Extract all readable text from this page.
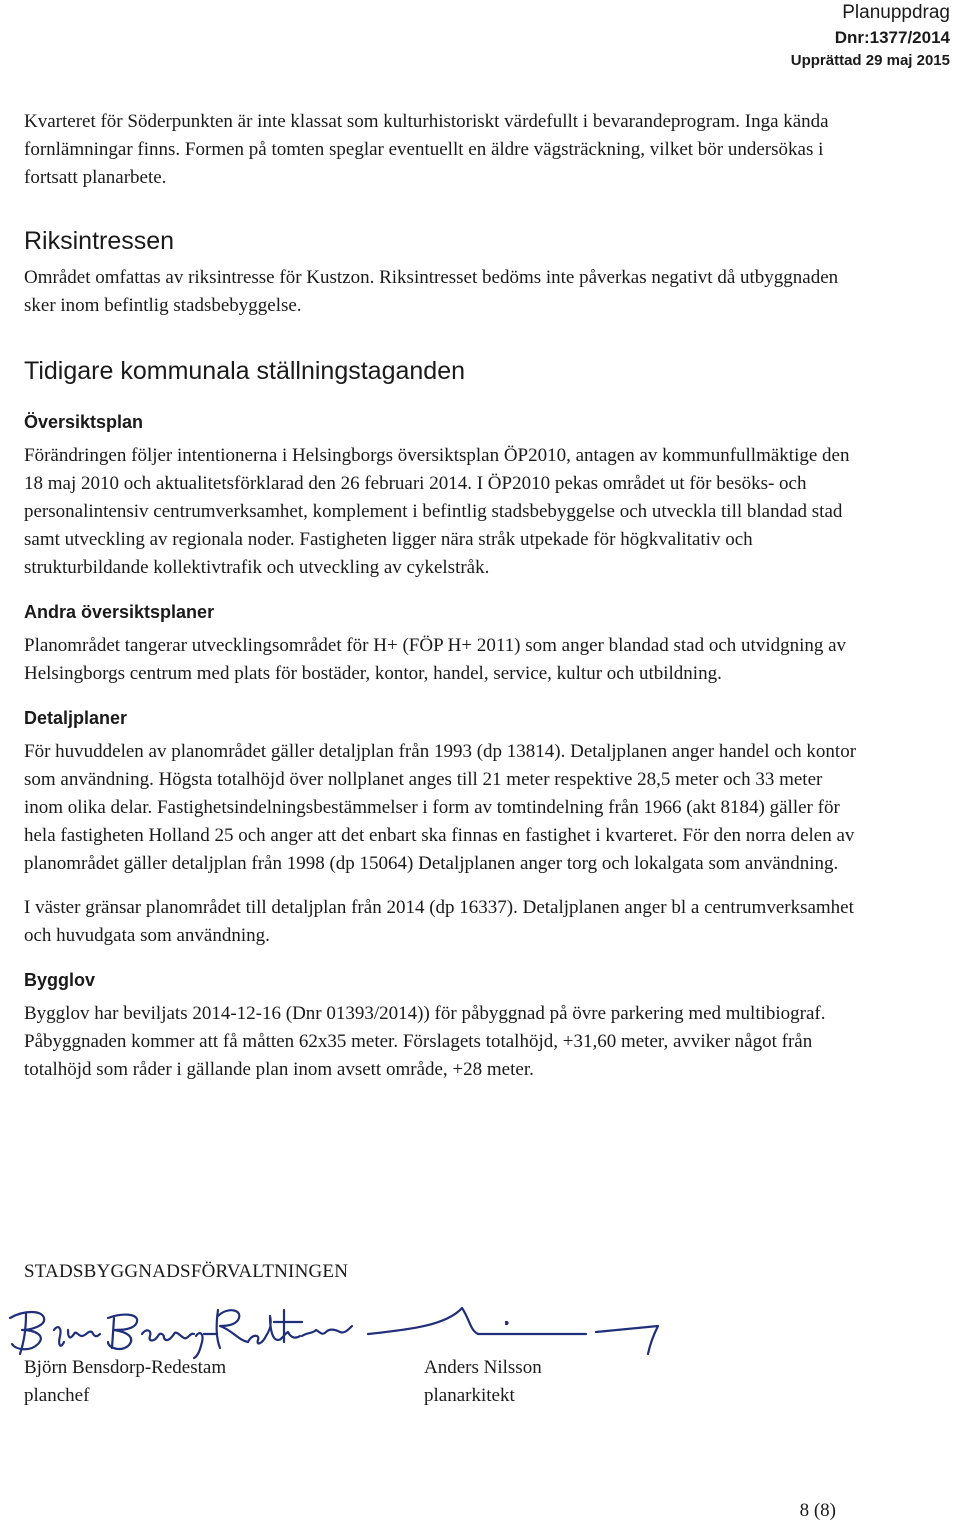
Planuppdrag
Dnr:1377/2014
Upprättad 29 maj 2015

Kvarteret för Söderpunkten är inte klassat som kulturhistoriskt värdefullt i bevarandeprogram. Inga kända fornlämningar finns. Formen på tomten speglar eventuellt en äldre vägsträckning, vilket bör undersökas i fortsatt planarbete.

Riksintressen

Området omfattas av riksintresse för Kustzon. Riksintresset bedöms inte påverkas negativt då utbyggnaden sker inom befintlig stadsbebyggelse.

Tidigare kommunala ställningstaganden
Översiktsplan

Förändringen följer intentionerna i Helsingborgs översiktsplan ÖP2010, antagen av kommunfullmäktige den 18 maj 2010 och aktualitetsförklarad den 26 februari 2014. I ÖP2010 pekas området ut för besöks- och personalintensiv centrumverksamhet, komplement i befintlig stadsbebyggelse och utveckla till blandad stad samt utveckling av regionala noder. Fastigheten ligger nära stråk utpekade för högkvalitativ och strukturbildande kollektivtrafik och utveckling av cykelstråk.

Andra översiktsplaner

Planområdet tangerar utvecklingsområdet för H+ (FÖP H+ 2011) som anger blandad stad och utvidgning av Helsingborgs centrum med plats för bostäder, kontor, handel, service, kultur och utbildning.

Detaljplaner

För huvuddelen av planområdet gäller detaljplan från 1993 (dp 13814). Detaljplanen anger handel och kontor som användning. Högsta totalhöjd över nollplanet anges till 21 meter respektive 28,5 meter och 33 meter inom olika delar. Fastighetsindelningsbestämmelser i form av tomtindelning från 1966 (akt 8184) gäller för hela fastigheten Holland 25 och anger att det enbart ska finnas en fastighet i kvarteret. För den norra delen av planområdet gäller detaljplan från 1998 (dp 15064) Detaljplanen anger torg och lokalgata som användning.

I väster gränsar planområdet till detaljplan från 2014 (dp 16337). Detaljplanen anger bl a centrumverksamhet och huvudgata som användning.

Bygglov

Bygglov har beviljats 2014-12-16 (Dnr 01393/2014)) för påbyggnad på övre parkering med multibiograf. Påbyggnaden kommer att få måtten 62x35 meter. Förslagets totalhöjd, +31,60 meter, avviker något från totalhöjd som råder i gällande plan inom avsett område, +28 meter.

STADSBYGGNADSFÖRVALTNINGEN
Björn Bensdorp-Redestam
planchef
Anders Nilsson
planarkitekt
8 (8)
